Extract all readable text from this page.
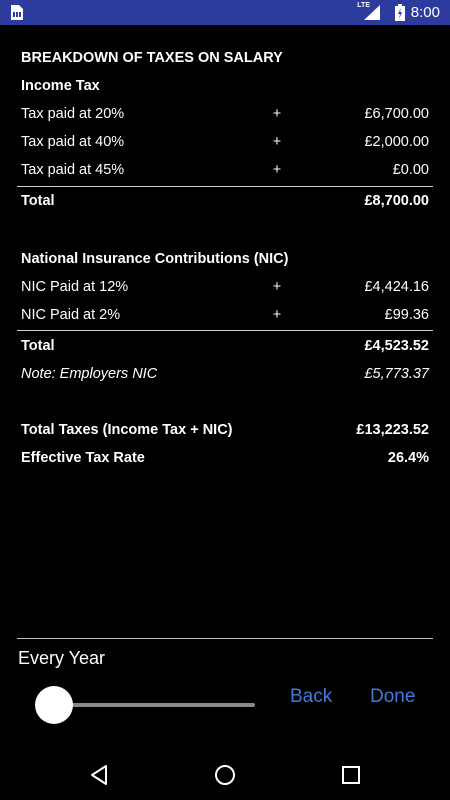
LTE	8:00
BREAKDOWN OF TAXES ON SALARY
Income Tax
Tax paid at 20%	+	£6,700.00
Tax paid at 40%	+	£2,000.00
Tax paid at 45%	+	£0.00
Total	£8,700.00
National Insurance Contributions (NIC)
NIC Paid at 12%	+	£4,424.16
NIC Paid at 2%	+	£99.36
Total	£4,523.52
Note: Employers NIC	£5,773.37
Total Taxes (Income Tax + NIC)	£13,223.52
Effective Tax Rate	26.4%
Every Year
Back Done
